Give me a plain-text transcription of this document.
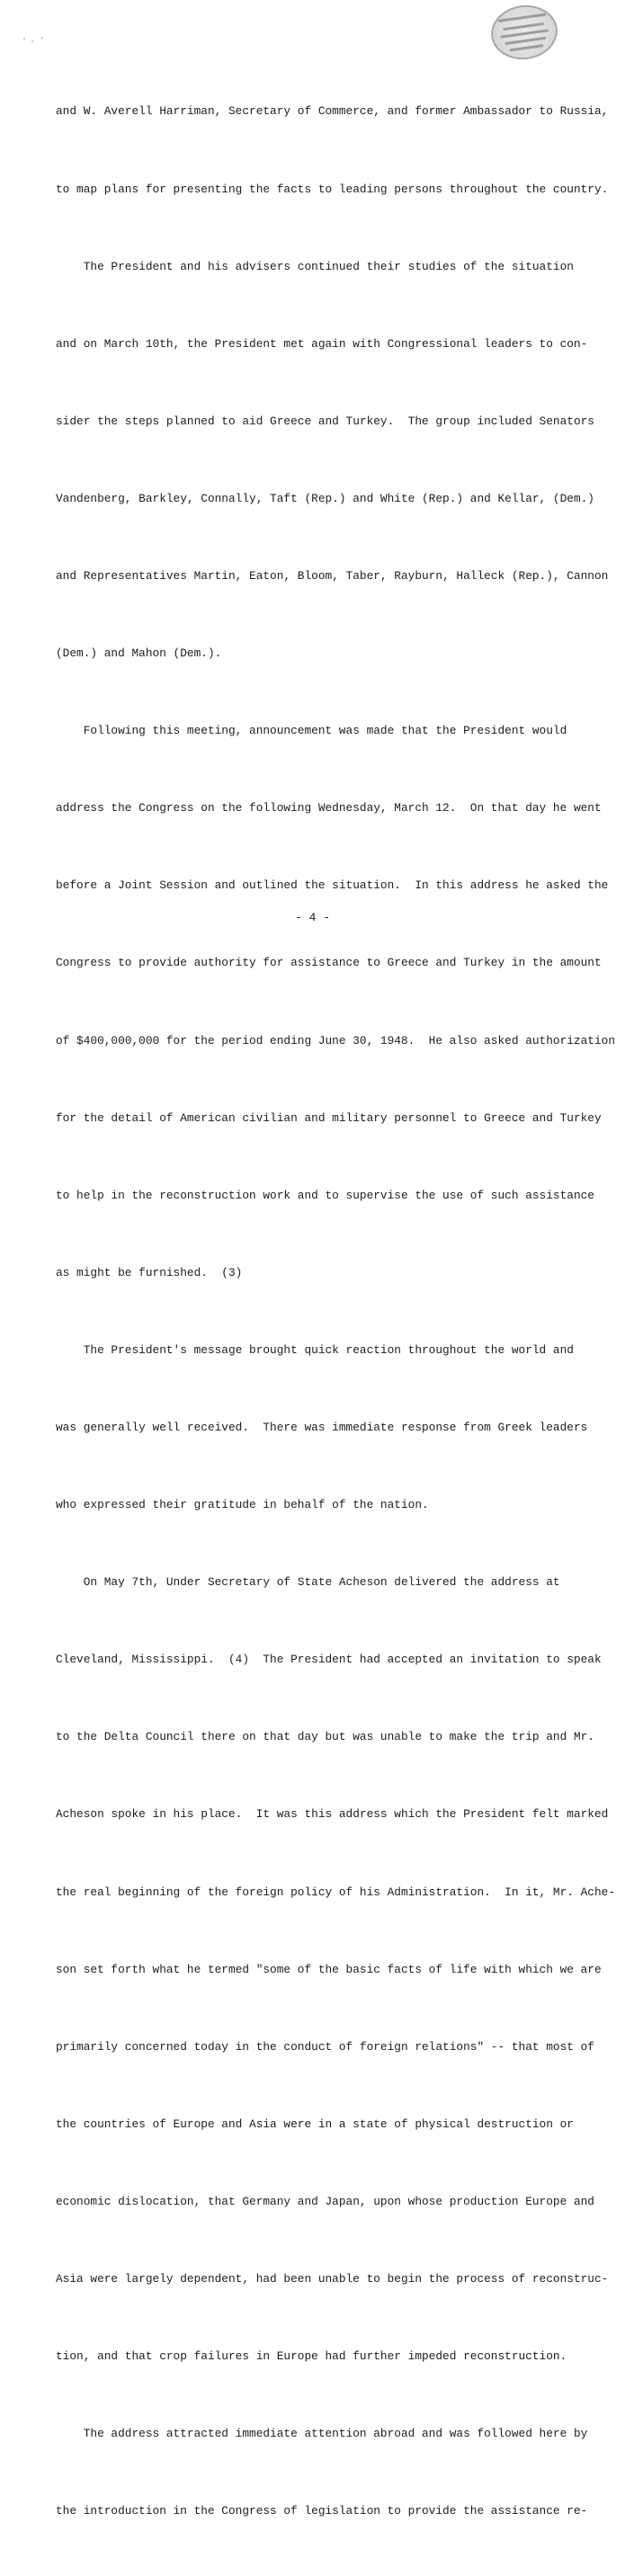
and W. Averell Harriman, Secretary of Commerce, and former Ambassador to Russia,

to map plans for presenting the facts to leading persons throughout the country.

The President and his advisers continued their studies of the situation

and on March 10th, the President met again with Congressional leaders to con-

sider the steps planned to aid Greece and Turkey.  The group included Senators

Vandenberg, Barkley, Connally, Taft (Rep.) and White (Rep.) and Kellar, (Dem.)

and Representatives Martin, Eaton, Bloom, Taber, Rayburn, Halleck (Rep.), Cannon

(Dem.) and Mahon (Dem.).

Following this meeting, announcement was made that the President would

address the Congress on the following Wednesday, March 12.  On that day he went

before a Joint Session and outlined the situation.  In this address he asked the

Congress to provide authority for assistance to Greece and Turkey in the amount

of $400,000,000 for the period ending June 30, 1948.  He also asked authorization

for the detail of American civilian and military personnel to Greece and Turkey

to help in the reconstruction work and to supervise the use of such assistance

as might be furnished.  (3)

The President's message brought quick reaction throughout the world and

was generally well received.  There was immediate response from Greek leaders

who expressed their gratitude in behalf of the nation.

On May 7th, Under Secretary of State Acheson delivered the address at

Cleveland, Mississippi.  (4)  The President had accepted an invitation to speak

to the Delta Council there on that day but was unable to make the trip and Mr.

Acheson spoke in his place.  It was this address which the President felt marked

the real beginning of the foreign policy of his Administration.  In it, Mr. Ache-

son set forth what he termed "some of the basic facts of life with which we are

primarily concerned today in the conduct of foreign relations" -- that most of

the countries of Europe and Asia were in a state of physical destruction or

economic dislocation, that Germany and Japan, upon whose production Europe and

Asia were largely dependent, had been unable to begin the process of reconstruc-

tion, and that crop failures in Europe had further impeded reconstruction.

The address attracted immediate attention abroad and was followed here by

the introduction in the Congress of legislation to provide the assistance re-

- 4 -
